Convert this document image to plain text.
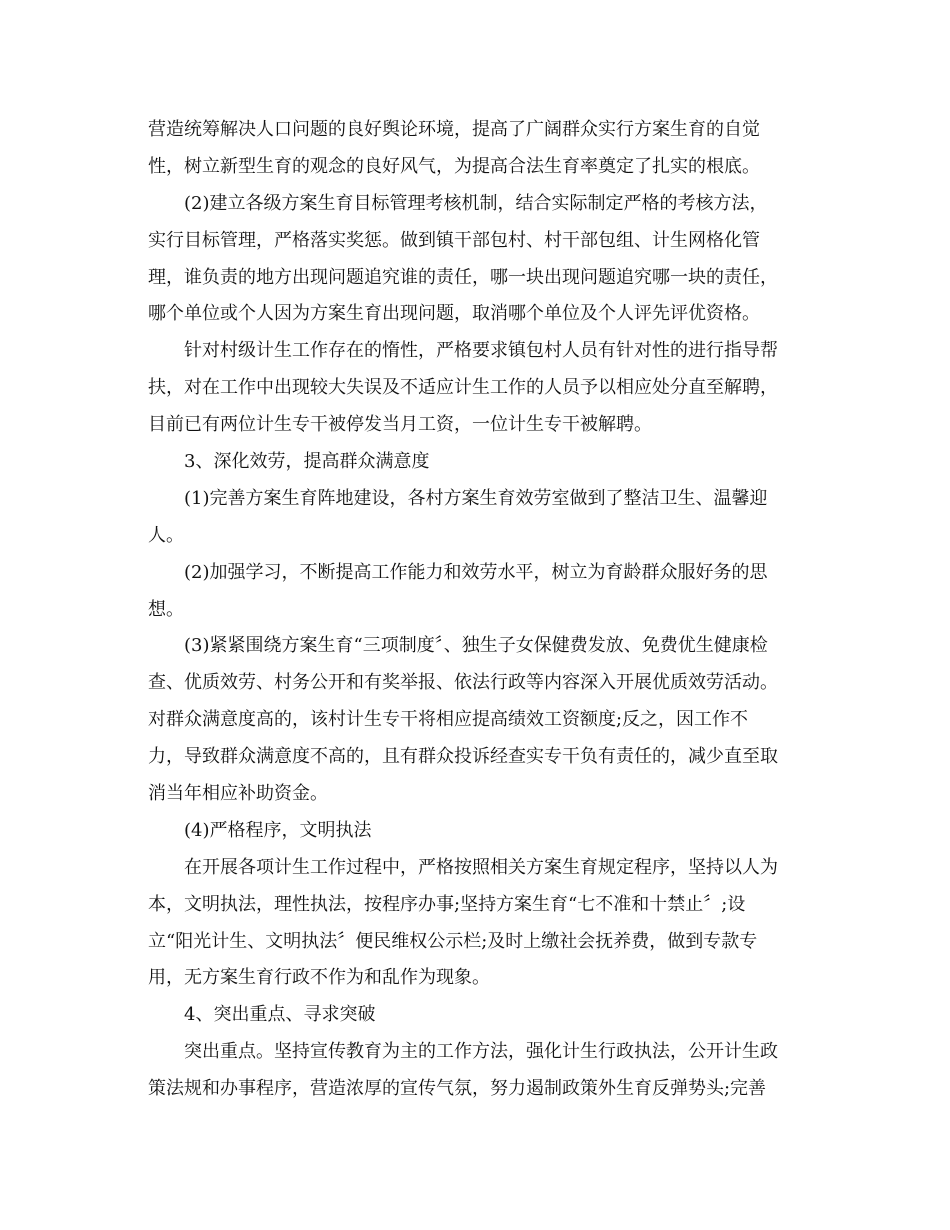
营造统筹解决人口问题的良好舆论环境，提高了广阔群众实行方案生育的自觉
性，树立新型生育的观念的良好风气，为提高合法生育率奠定了扎实的根底。
(2)建立各级方案生育目标管理考核机制，结合实际制定严格的考核方法，
实行目标管理，严格落实奖惩。做到镇干部包村、村干部包组、计生网格化管
理，谁负责的地方出现问题追究谁的责任，哪一块出现问题追究哪一块的责任，
哪个单位或个人因为方案生育出现问题，取消哪个单位及个人评先评优资格。
针对村级计生工作存在的惰性，严格要求镇包村人员有针对性的进行指导帮
扶，对在工作中出现较大失误及不适应计生工作的人员予以相应处分直至解聘，
目前已有两位计生专干被停发当月工资，一位计生专干被解聘。
3、深化效劳，提高群众满意度
(1)完善方案生育阵地建设，各村方案生育效劳室做到了整洁卫生、温馨迎
人。
(2)加强学习，不断提高工作能力和效劳水平，树立为育龄群众服好务的思
想。
(3)紧紧围绕方案生育“三项制度〞、独生子女保健费发放、免费优生健康检
查、优质效劳、村务公开和有奖举报、依法行政等内容深入开展优质效劳活动。
对群众满意度高的，该村计生专干将相应提高绩效工资额度;反之，因工作不
力，导致群众满意度不高的，且有群众投诉经查实专干负有责任的，减少直至取
消当年相应补助资金。
(4)严格程序，文明执法
在开展各项计生工作过程中，严格按照相关方案生育规定程序，坚持以人为
本，文明执法，理性执法，按程序办事;坚持方案生育“七不准和十禁止〞;设
立“阳光计生、文明执法〞便民维权公示栏;及时上缴社会抚养费，做到专款专
用，无方案生育行政不作为和乱作为现象。
4、突出重点、寻求突破
突出重点。坚持宣传教育为主的工作方法，强化计生行政执法，公开计生政
策法规和办事程序，营造浓厚的宣传气氛，努力遏制政策外生育反弹势头;完善
